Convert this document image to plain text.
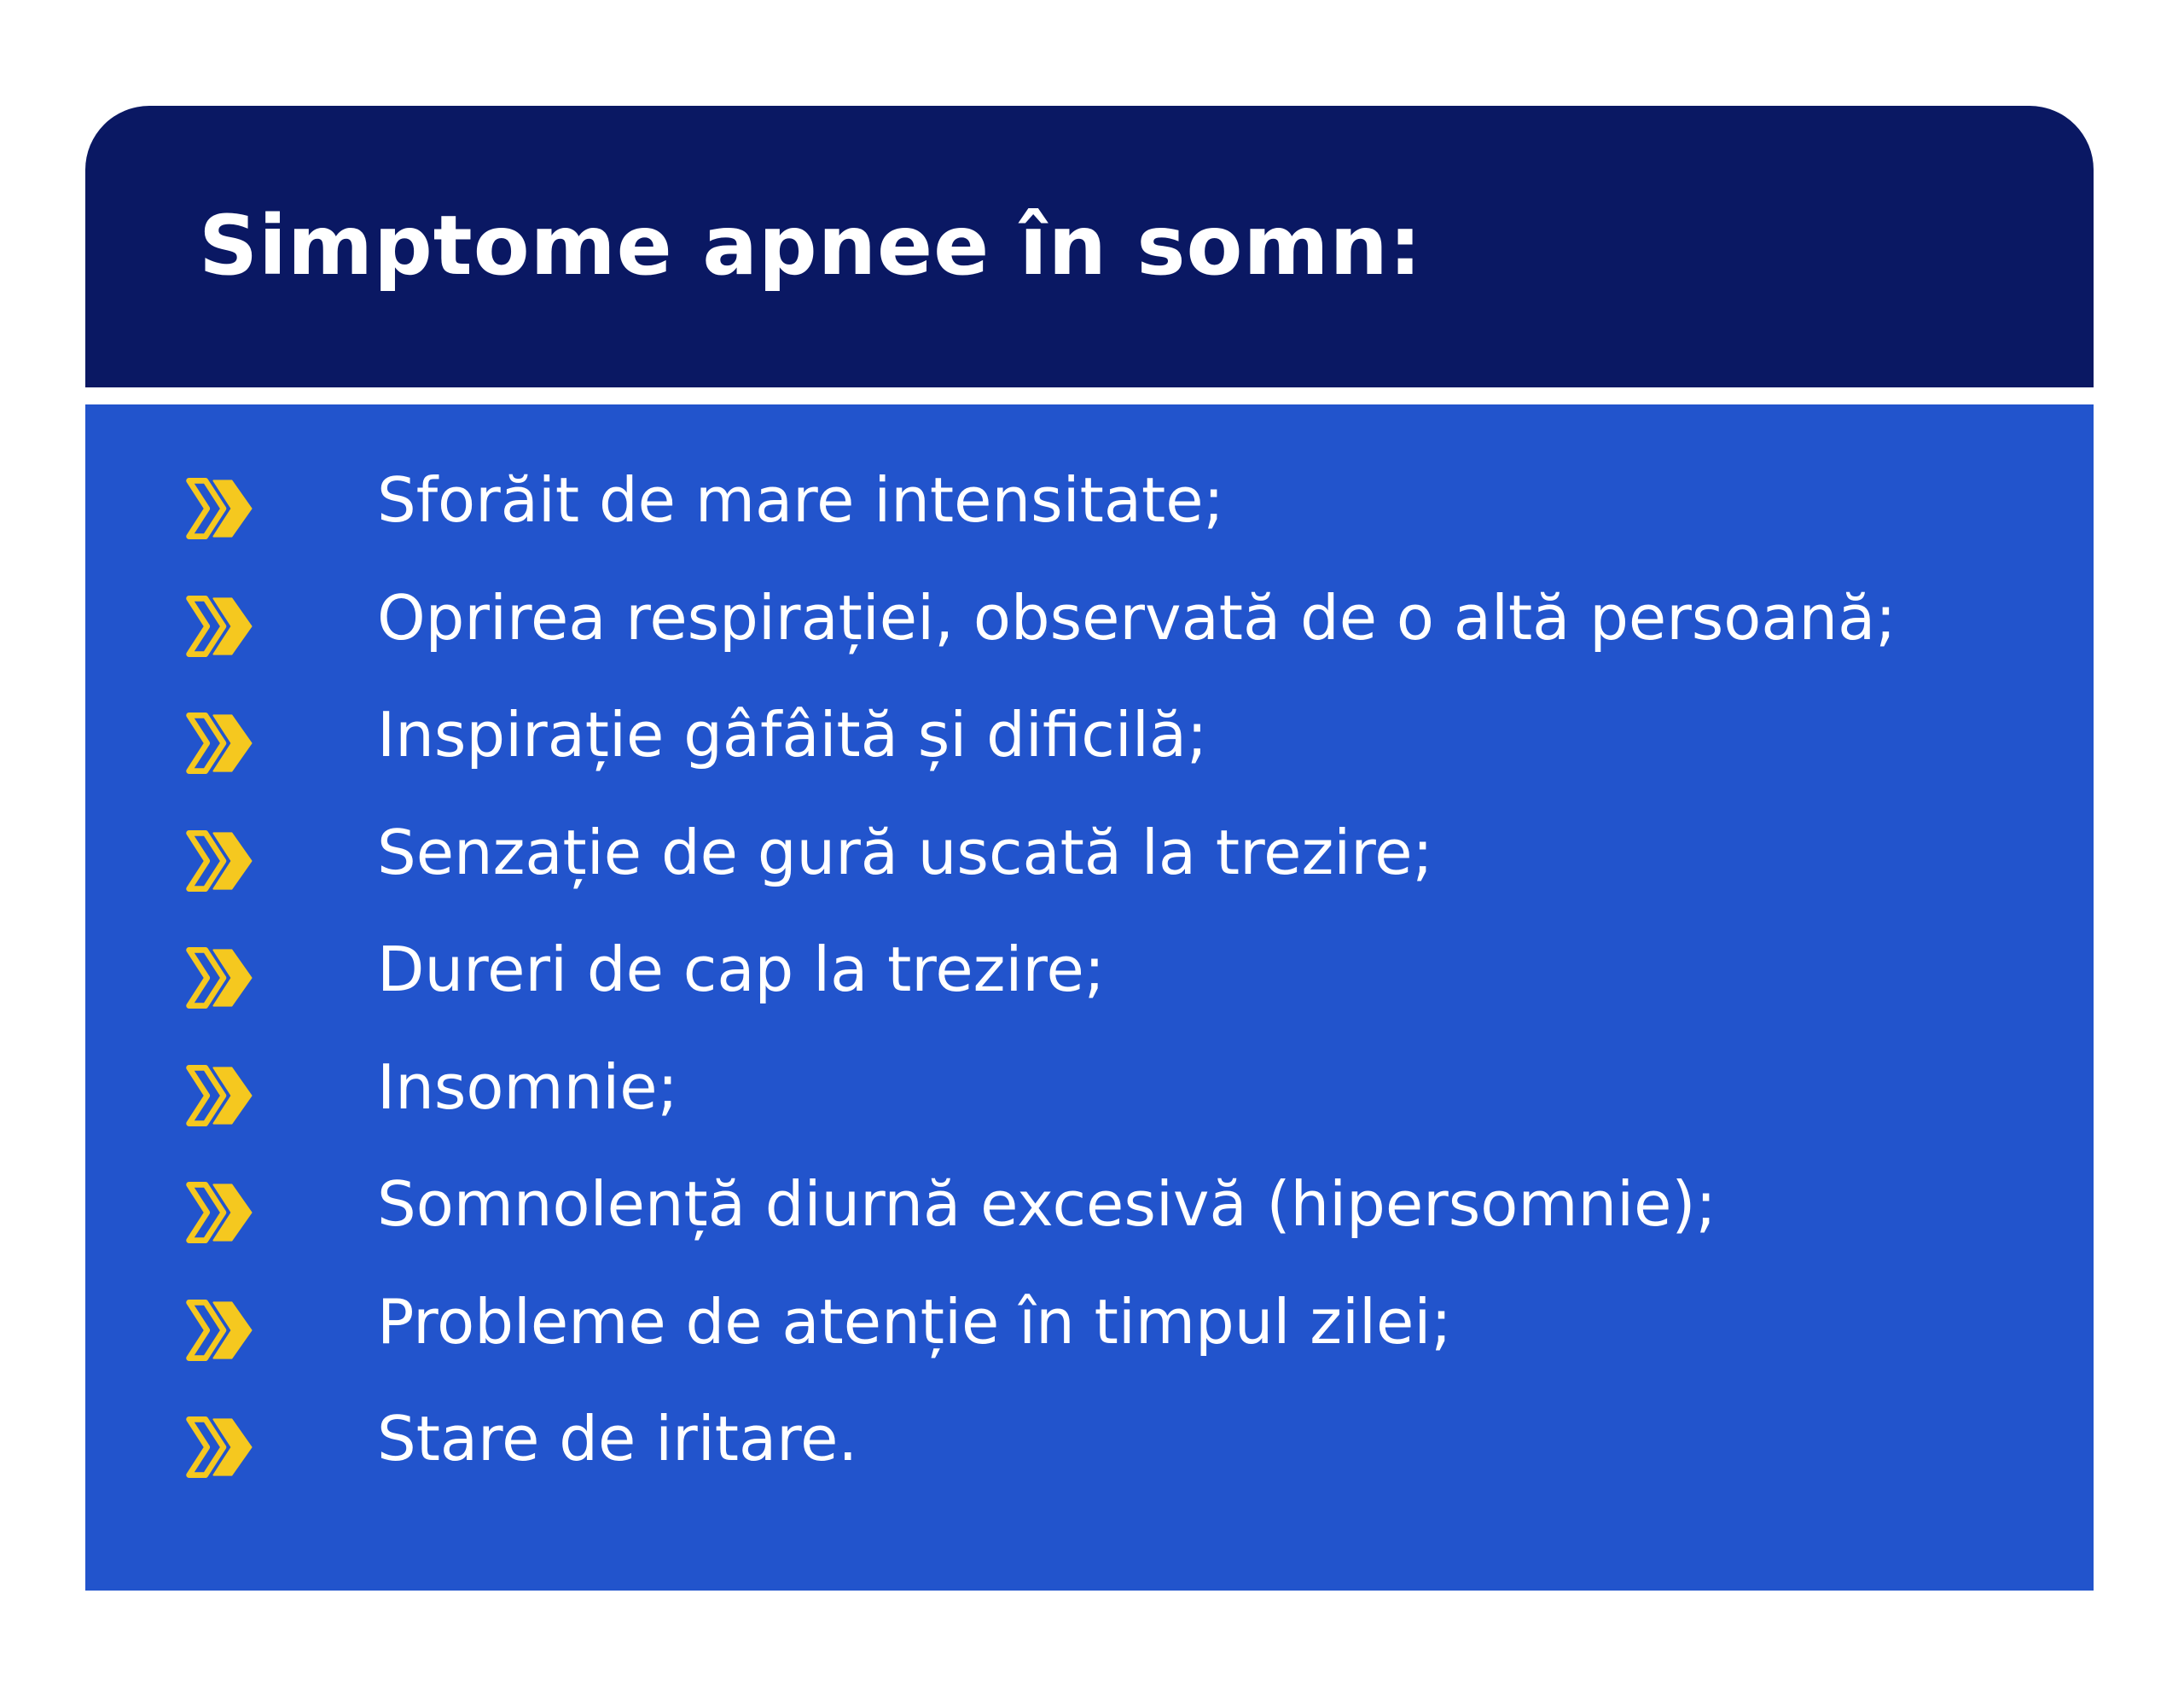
Simptome apnee în somn:
Sforăit de mare intensitate;
Oprirea respirației, observată de o altă persoană;
Inspirație gâfâită și dificilă;
Senzație de gură uscată la trezire;
Dureri de cap la trezire;
Insomnie;
Somnolență diurnă excesivă (hipersomnie);
Probleme de atenție în timpul zilei;
Stare de iritare.
